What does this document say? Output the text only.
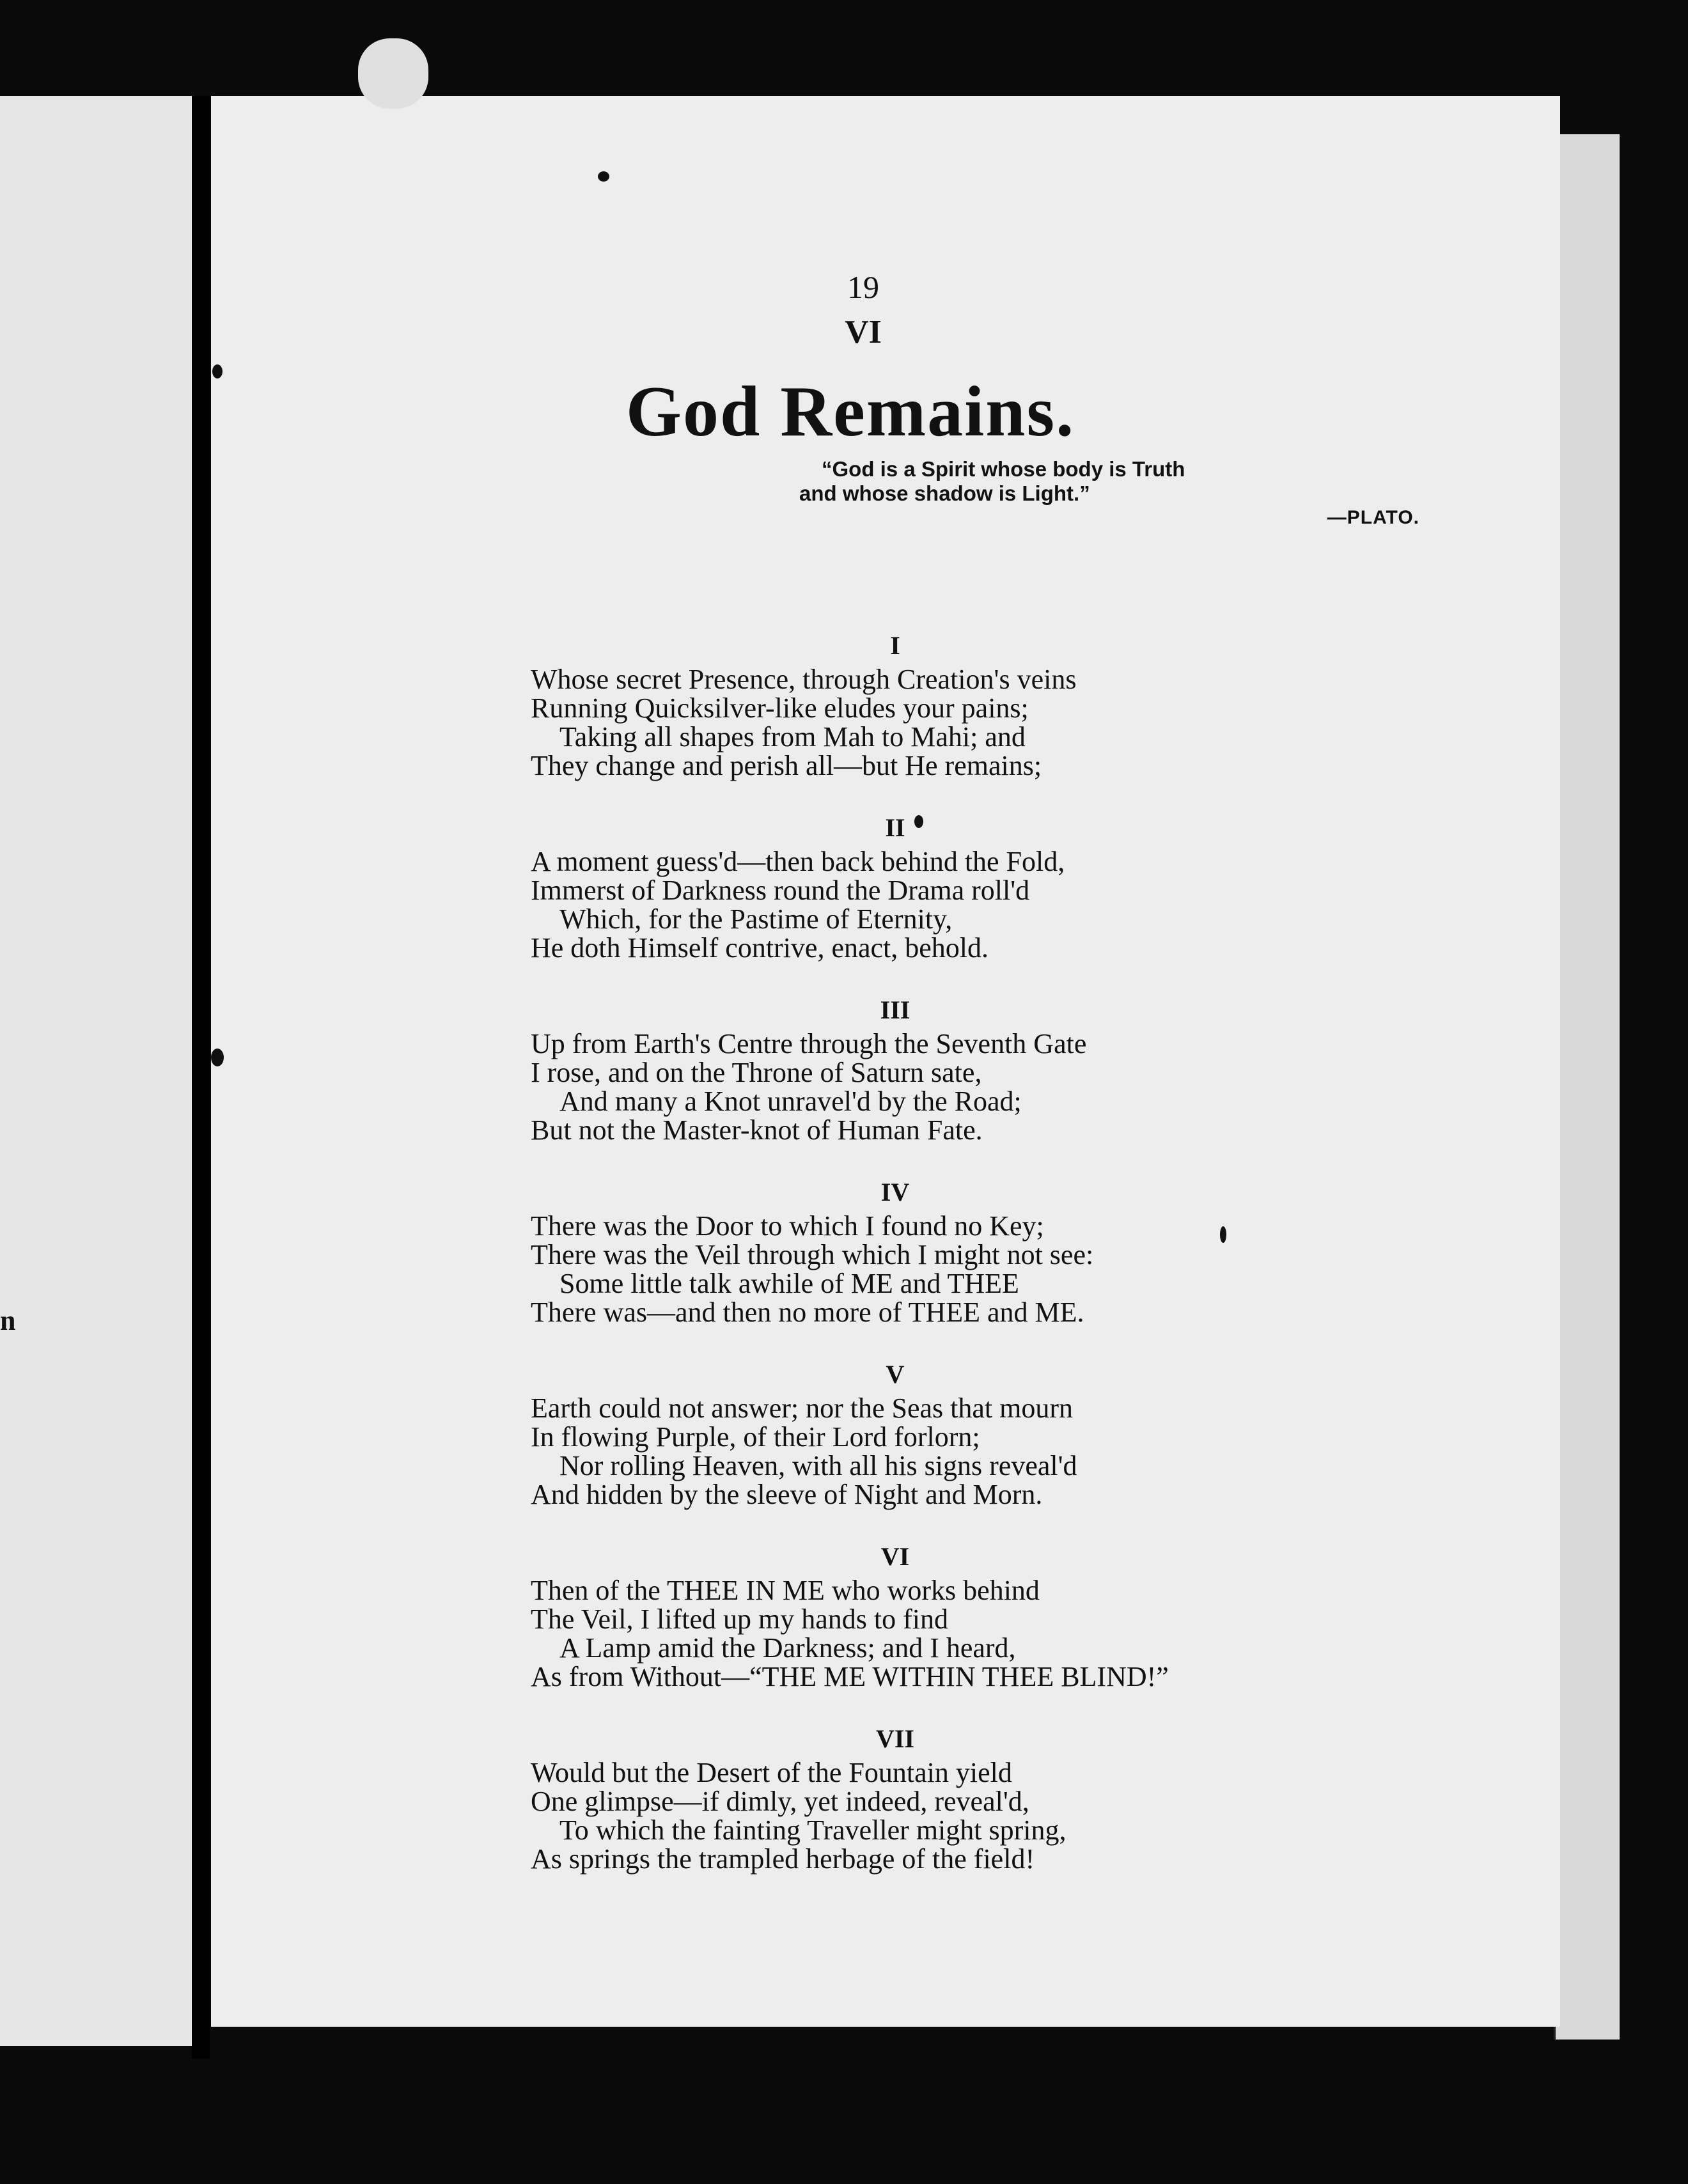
n
19
VI
God Remains.
“God is a Spirit whose body is Truth
and whose shadow is Light.”
—PLATO.
I
Whose secret Presence, through Creation's veins
Running Quicksilver-like eludes your pains;
Taking all shapes from Mah to Mahi; and
They change and perish all—but He remains;
II
A moment guess'd—then back behind the Fold,
Immerst of Darkness round the Drama roll'd
Which, for the Pastime of Eternity,
He doth Himself contrive, enact, behold.
III
Up from Earth's Centre through the Seventh Gate
I rose, and on the Throne of Saturn sate,
And many a Knot unravel'd by the Road;
But not the Master-knot of Human Fate.
IV
There was the Door to which I found no Key;
There was the Veil through which I might not see:
Some little talk awhile of ME and THEE
There was—and then no more of THEE and ME.
V
Earth could not answer; nor the Seas that mourn
In flowing Purple, of their Lord forlorn;
Nor rolling Heaven, with all his signs reveal'd
And hidden by the sleeve of Night and Morn.
VI
Then of the THEE IN ME who works behind
The Veil, I lifted up my hands to find
A Lamp amid the Darkness; and I heard,
As from Without—“THE ME WITHIN THEE BLIND!”
VII
Would but the Desert of the Fountain yield
One glimpse—if dimly, yet indeed, reveal'd,
To which the fainting Traveller might spring,
As springs the trampled herbage of the field!
